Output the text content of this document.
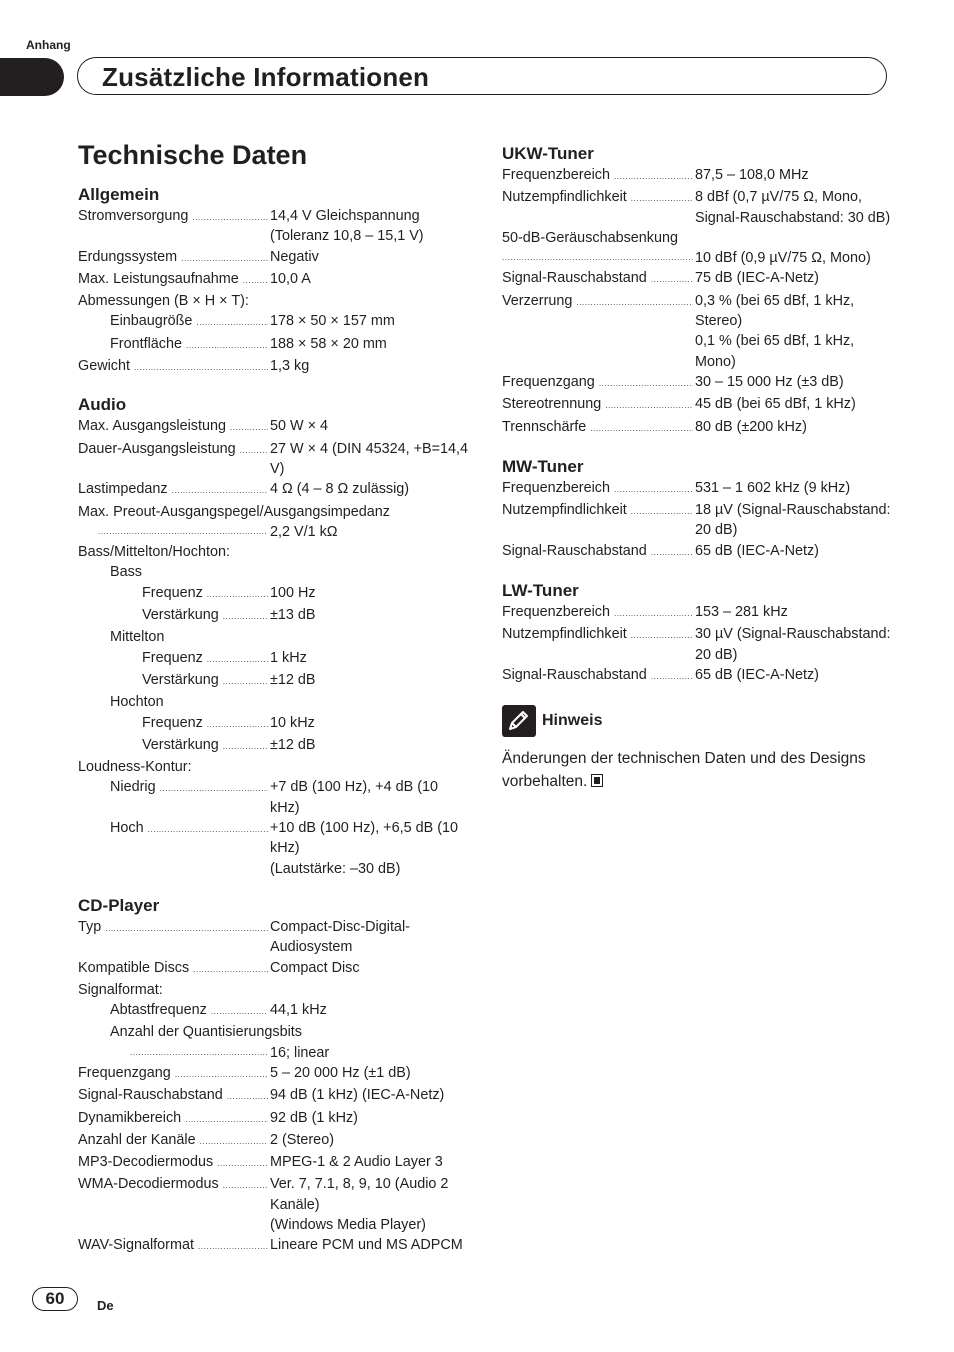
Anhang
Zusätzliche Informationen
Technische Daten
Allgemein
Stromversorgung .....	14,4 V Gleichspannung (Toleranz 10,8 – 15,1 V)
Erdungssystem .....	Negativ
Max. Leistungsaufnahme ..... 10,0 A
Abmessungen (B × H × T):
Einbaugröße .....	178 × 50 × 157 mm
Frontfläche .....	188 × 58 × 20 mm
Gewicht .....	1,3 kg
Audio
Max. Ausgangsleistung .....	50 W × 4
Dauer-Ausgangsleistung ..... 27 W × 4 (DIN 45324, +B=14,4 V)
Lastimpedanz .....	4 Ω (4 – 8 Ω zulässig)
Max. Preout-Ausgangspegel/Ausgangsimpedanz
.....
2,2 V/1 kΩ
Bass/Mittelton/Hochton:
Bass
Frequenz .....	100 Hz
Verstärkung .....	±13 dB
Mittelton
Frequenz .....	1 kHz
Verstärkung .....	±12 dB
Hochton
Frequenz .....	10 kHz
Verstärkung .....	±12 dB
Loudness-Kontur:
Niedrig .....	+7 dB (100 Hz), +4 dB (10 kHz)
Hoch .....	+10 dB (100 Hz), +6,5 dB (10 kHz)
(Lautstärke: –30 dB)
CD-Player
Typ .....	Compact-Disc-Digital-Audiosystem
Kompatible Discs .....	Compact Disc
Signalformat:
Abtastfrequenz .....	44,1 kHz
Anzahl der Quantisierungsbits
.....
16; linear
Frequenzgang .....	5 – 20 000 Hz (±1 dB)
Signal-Rauschabstand .....	94 dB (1 kHz) (IEC-A-Netz)
Dynamikbereich .....	92 dB (1 kHz)
Anzahl der Kanäle .....	2 (Stereo)
MP3-Decodiermodus .....	MPEG-1 & 2 Audio Layer 3
WMA-Decodiermodus .....	Ver. 7, 7.1, 8, 9, 10 (Audio 2 Kanäle)
(Windows Media Player)
WAV-Signalformat .....	Lineare PCM und MS ADPCM
UKW-Tuner
Frequenzbereich .....	87,5 – 108,0 MHz
Nutzempfindlichkeit .....	8 dBf (0,7 µV/75 Ω, Mono, Signal-Rauschabstand: 30 dB)
50-dB-Geräuschabsenkung
.....
10 dBf (0,9 µV/75 Ω, Mono)
Signal-Rauschabstand .....	75 dB (IEC-A-Netz)
Verzerrung .....	0,3 % (bei 65 dBf, 1 kHz, Stereo)
0,1 % (bei 65 dBf, 1 kHz, Mono)
Frequenzgang .....	30 – 15 000 Hz (±3 dB)
Stereotrennung .....	45 dB (bei 65 dBf, 1 kHz)
Trennschärfe .....	80 dB (±200 kHz)
MW-Tuner
Frequenzbereich .....	531 – 1 602 kHz (9 kHz)
Nutzempfindlichkeit .....	18 µV (Signal-Rauschabstand: 20 dB)
Signal-Rauschabstand .....	65 dB (IEC-A-Netz)
LW-Tuner
Frequenzbereich .....	153 – 281 kHz
Nutzempfindlichkeit .....	30 µV (Signal-Rauschabstand: 20 dB)
Signal-Rauschabstand .....	65 dB (IEC-A-Netz)
Hinweis
Änderungen der technischen Daten und des Designs vorbehalten.
60	De
